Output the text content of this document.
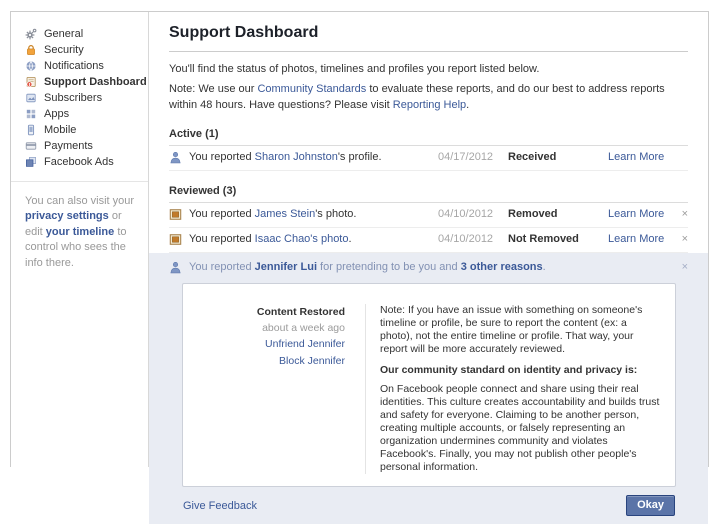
General
Security
Notifications
Support Dashboard
Subscribers
Apps
Mobile
Payments
Facebook Ads
You can also visit your privacy settings or edit your timeline to control who sees the info there.
Support Dashboard
You'll find the status of photos, timelines and profiles you report listed below.
Note: We use our Community Standards to evaluate these reports, and do our best to address reports within 48 hours. Have questions? Please visit Reporting Help.
Active (1)
You reported Sharon Johnston's profile.	04/17/2012	Received	Learn More
Reviewed (3)
You reported James Stein's photo.	04/10/2012	Removed	Learn More	×
You reported Isaac Chao's photo.	04/10/2012	Not Removed	Learn More	×
You reported Jennifer Lui for pretending to be you and 3 other reasons.	×
Content Restored
about a week ago
Unfriend Jennifer
Block Jennifer
Note: If you have an issue with something on someone's timeline or profile, be sure to report the content (ex: a photo), not the entire timeline or profile. That way, your report will be more accurately reviewed.
Our community standard on identity and privacy is:
On Facebook people connect and share using their real identities. This culture creates accountability and builds trust and safety for everyone. Claiming to be another person, creating multiple accounts, or falsely representing an organization undermines community and violates Facebook's. Finally, you may not publish other people's personal information.
Give Feedback	Okay
